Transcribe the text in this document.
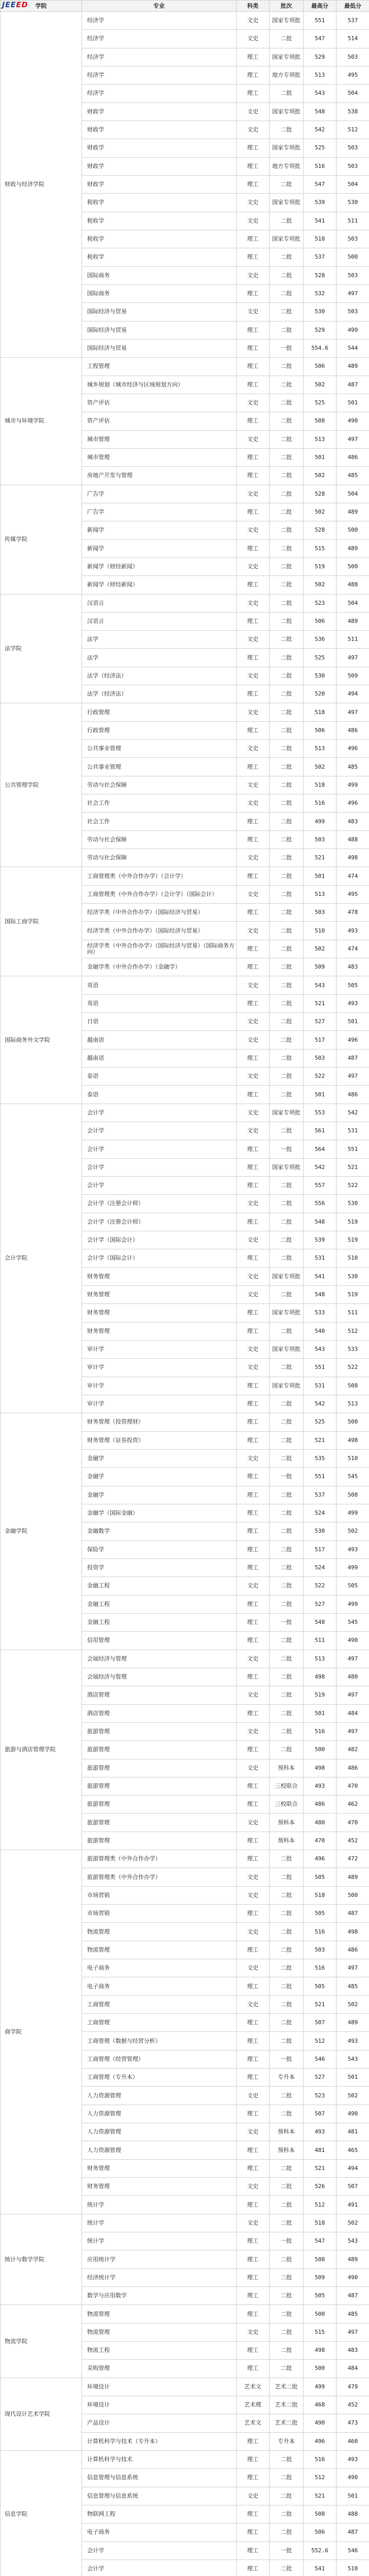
JEEED 学院	专业	科类	批次	最高分	最低分
财政与经济学院	经济学	文史	国家专项批	551	537
	经济学	文史	二批	547	514
	经济学	理工	国家专项批	529	503
	经济学	理工	地方专项批	513	495
	经济学	理工	二批	543	504
	财政学	文史	国家专项批	548	538
	财政学	文史	二批	542	512
	财政学	理工	国家专项批	525	503
	财政学	理工	地方专项批	516	503
	财政学	理工	二批	547	504
	税收学	文史	国家专项批	539	530
	税收学	文史	二批	541	511
	税收学	理工	国家专项批	518	503
	税收学	理工	二批	537	500
	国际商务	文史	二批	528	503
	国际商务	理工	二批	532	497
	国际经济与贸易	文史	二批	530	503
	国际经济与贸易	理工	二批	529	499
	国际经济与贸易	理工	一批	554.6	544
城市与环境学院	工程管理	理工	二批	506	489
	城乡规划（城市经济与区域规划方向）	理工	二批	502	487
	资产评估	文史	二批	525	501
	资产评估	理工	二批	508	490
	城市管理	文史	二批	513	497
	城市管理	理工	二批	501	486
	房地产开发与管理	理工	二批	502	485
传媒学院	广告学	文史	二批	528	504
	广告学	理工	二批	502	489
	新闻学	文史	二批	528	500
	新闻学	理工	二批	515	489
	新闻学（财经新闻）	文史	二批	519	500
	新闻学（财经新闻）	理工	二批	502	488
法学院	汉语言	文史	二批	523	504
	汉语言	理工	二批	506	489
	法学	文史	二批	536	511
	法学	理工	二批	525	497
	法学（经济法）	文史	二批	530	509
	法学（经济法）	理工	二批	520	494
公共管理学院	行政管理	文史	二批	518	497
	行政管理	理工	二批	506	486
	公共事业管理	文史	二批	513	496
	公共事业管理	理工	二批	502	485
	劳动与社会保障	文史	二批	518	499
	社会工作	文史	二批	516	496
	社会工作	理工	二批	499	483
	劳动与社会保障	理工	二批	503	488
	劳动与社会保障	文史	二批	521	498
国际工商学院	工商管理类（中外合作办学）（会计学）	理工	二批	501	474
	工商管理类（中外合作办学）（会计学）（国际会计）	文史	二批	513	495
	经济学类（中外合作办学）（国际经济与贸易）	理工	二批	503	478
	经济学类（中外合作办学）（国际经济与贸易）	文史	二批	510	493
	经济学类（中外合作办学）（国际经济与贸易）（国际商务方向）	理工	二批	502	474
	金融学类（中外合作办学）（金融学）	理工	二批	509	483
国际商务外文学院	英语	文史	二批	543	505
	英语	理工	二批	521	493
	日语	文史	二批	527	501
	越南语	文史	二批	517	496
	越南语	理工	二批	503	487
	泰语	文史	二批	522	497
	泰语	理工	二批	501	486
会计学院	会计学	文史	国家专项批	553	542
	会计学	文史	二批	561	531
	会计学	理工	一批	564	551
	会计学	理工	国家专项批	542	521
	会计学	理工	二批	557	522
	会计学（注册会计师）	文史	二批	556	530
	会计学（注册会计师）	理工	二批	548	519
	会计学（国际会计）	文史	二批	539	519
	会计学（国际会计）	理工	二批	531	510
	财务管理	文史	国家专项批	541	530
	财务管理	文史	二批	548	519
	财务管理	理工	国家专项批	533	511
	财务管理	理工	二批	540	512
	审计学	文史	国家专项批	543	533
	审计学	文史	二批	551	522
	审计学	理工	国家专项批	531	508
	审计学	理工	二批	542	513
金融学院	财务管理（投资理财）	理工	二批	525	500
	财务管理（证券投资）	理工	二批	521	498
	金融学	文史	二批	535	510
	金融学	理工	一批	551	545
	金融学	理工	二批	537	508
	金融学（国际金融）	理工	二批	524	499
	金融数学	理工	二批	530	502
	保险学	理工	二批	517	493
	投资学	理工	二批	524	499
	金融工程	文史	二批	522	505
	金融工程	理工	二批	527	499
	金融工程	理工	一批	548	545
	信用管理	理工	二批	511	490
旅游与酒店管理学院	会展经济与管理	文史	二批	513	497
	会展经济与管理	理工	二批	498	480
	酒店管理	文史	二批	519	497
	酒店管理	理工	二批	501	484
	旅游管理	文史	二批	516	497
	旅游管理	理工	二批	500	482
	旅游管理	文史	预科本	498	486
	旅游管理	理工	三校联合	493	470
	旅游管理	理工	三校联合	486	462
	旅游管理	文史	预科本	480	470
	旅游管理	理工	预科本	470	452
商学院	旅游管理类（中外合作办学）	理工	二批	496	472
	旅游管理类（中外合作办学）	文史	二批	505	489
	市场营销	文史	二批	518	500
	市场营销	理工	二批	505	487
	物流管理	文史	二批	516	498
	物流管理	理工	二批	503	486
	电子商务	文史	二批	516	497
	电子商务	理工	二批	505	485
	工商管理	文史	二批	521	502
	工商管理	理工	二批	507	489
	工商管理（数据与经营分析）	理工	二批	512	493
	工商管理（经营管理）	理工	一批	546	543
	工商管理（专升本）	理工	专升本	527	501
	人力资源管理	文史	二批	523	502
	人力资源管理	理工	二批	507	490
	人力资源管理	文史	预科本	493	481
	人力资源管理	理工	预科本	481	465
	财务管理	理工	二批	521	494
	财务管理	文史	二批	526	507
	统计学	理工	二批	512	491
统计与数学学院	统计学	文史	二批	518	502
	统计学	理工	一批	547	543
	应用统计学	理工	二批	508	489
	经济统计学	理工	二批	509	490
	数学与应用数学	理工	二批	505	487
物流学院	物流管理	理工	二批	500	485
	物流管理	文史	二批	515	497
	物流工程	理工	二批	498	483
	采购管理	理工	二批	500	484
现代设计艺术学院	环境设计	艺术文	艺术二批	499	479
	环境设计	艺术理	艺术二批	468	452
	产品设计	艺术文	艺术二批	490	473
	计算机科学与技术（专升本）	理工	专升本	496	460
信息学院	计算机科学与技术	理工	二批	516	493
	信息管理与信息系统	理工	二批	512	490
	信息管理与信息系统	文史	二批	521	501
	物联网工程	理工	二批	508	488
	电子商务	理工	二批	506	487
	会计学	理工	一批	552.6	546
	会计学	理工	二批	541	510
